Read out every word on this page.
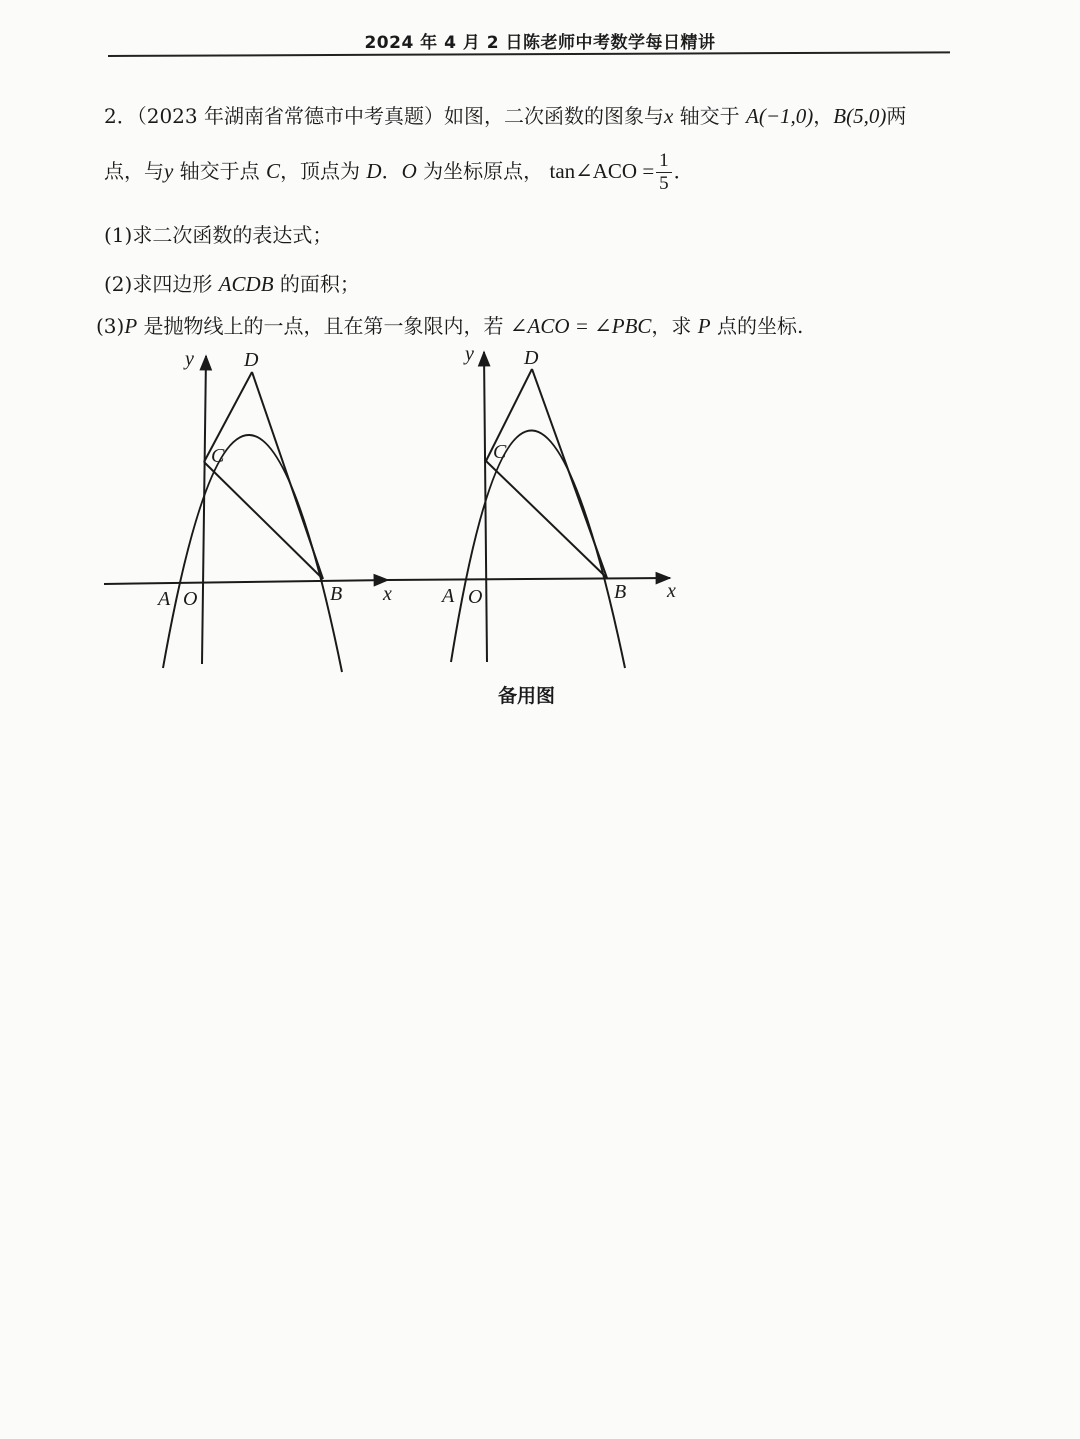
2024 年 4 月 2 日陈老师中考数学每日精讲
2．（2023 年湖南省常德市中考真题）如图，二次函数的图象与x 轴交于 A(−1,0)，B(5,0)两
点，与y 轴交于点 C，顶点为 D．O 为坐标原点， tan∠ACO = $\frac{1}{5}$ ．
(1)求二次函数的表达式；
(2)求四边形 ACDB 的面积；
(3)P 是抛物线上的一点，且在第一象限内，若 ∠ACO = ∠PBC，求 P 点的坐标.
y	D
C
A O	B x
y	D
C
A O	B x
备用图
